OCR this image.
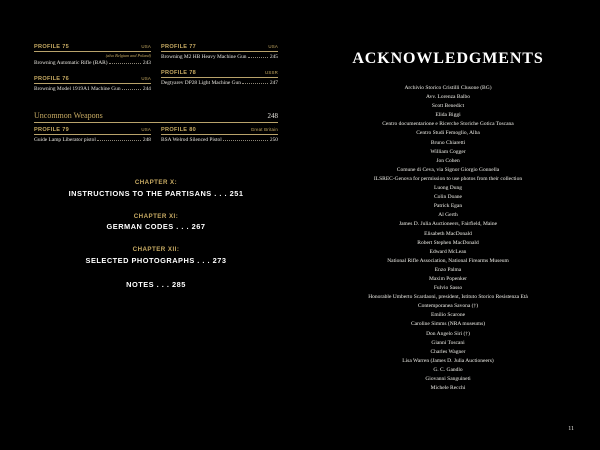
PROFILE 75	USA
(also Belgium and Poland)
Browning Automatic Rifle (BAR)	243
PROFILE 76	USA
Browning Model 1919A1 Machine Gun	244
PROFILE 77	USA
Browning M2 HB Heavy Machine Gun	245
PROFILE 78	USSR
Degtyarev DP28 Light Machine Gun	247
Uncommon Weapons	248
PROFILE 79	USA
Guide Lamp Liberator pistol	248
PROFILE 80	Great Britain
BSA Welrod Silenced Pistol	250
CHAPTER X:
INSTRUCTIONS TO THE PARTISANS . . . 251
CHAPTER XI:
GERMAN CODES . . . 267
CHAPTER XII:
SELECTED PHOTOGRAPHS . . . 273
NOTES . . . 285
ACKNOWLEDGMENTS
Archivio Storico Cristilli Clusone (BG)
Avv. Lorenza Balbo
Scott Benedict
Elida Biggi
Centro documentarione e Ricerche Storiche Gotica Toscana
Centro Studi Femoglio, Alba
Bruno Chiaretti
William Cogger
Jon Cohen
Comune di Ceva, via Signor Giorgio Gonnella
ILSREC-Genova for permission to use photos from their collection
Luong Dung
Colin Doane
Patrick Egan
Al Gerth
James D. Julia Auctioneers, Fairfield, Maine
Elisabeth MacDonald
Robert Stephen MacDonald
Edward McLean
National Rifle Association, National Firearms Museum
Enzo Palma
Maxim Popenker
Fulvio Sasso
Honorable Umberto Scardaoni, president, Istituto Storico Resistenza Età
Contemporanea Savona (†)
Emilio Scarone
Caroline Simms (NRA museums)
Don Angelo Siri (†)
Gianni Toscani
Charles Wagner
Lisa Warren (James D. Julia Auctioneers)
G. C. Gandlo
Giovanni Sanguineti
Michele Recchi
11
